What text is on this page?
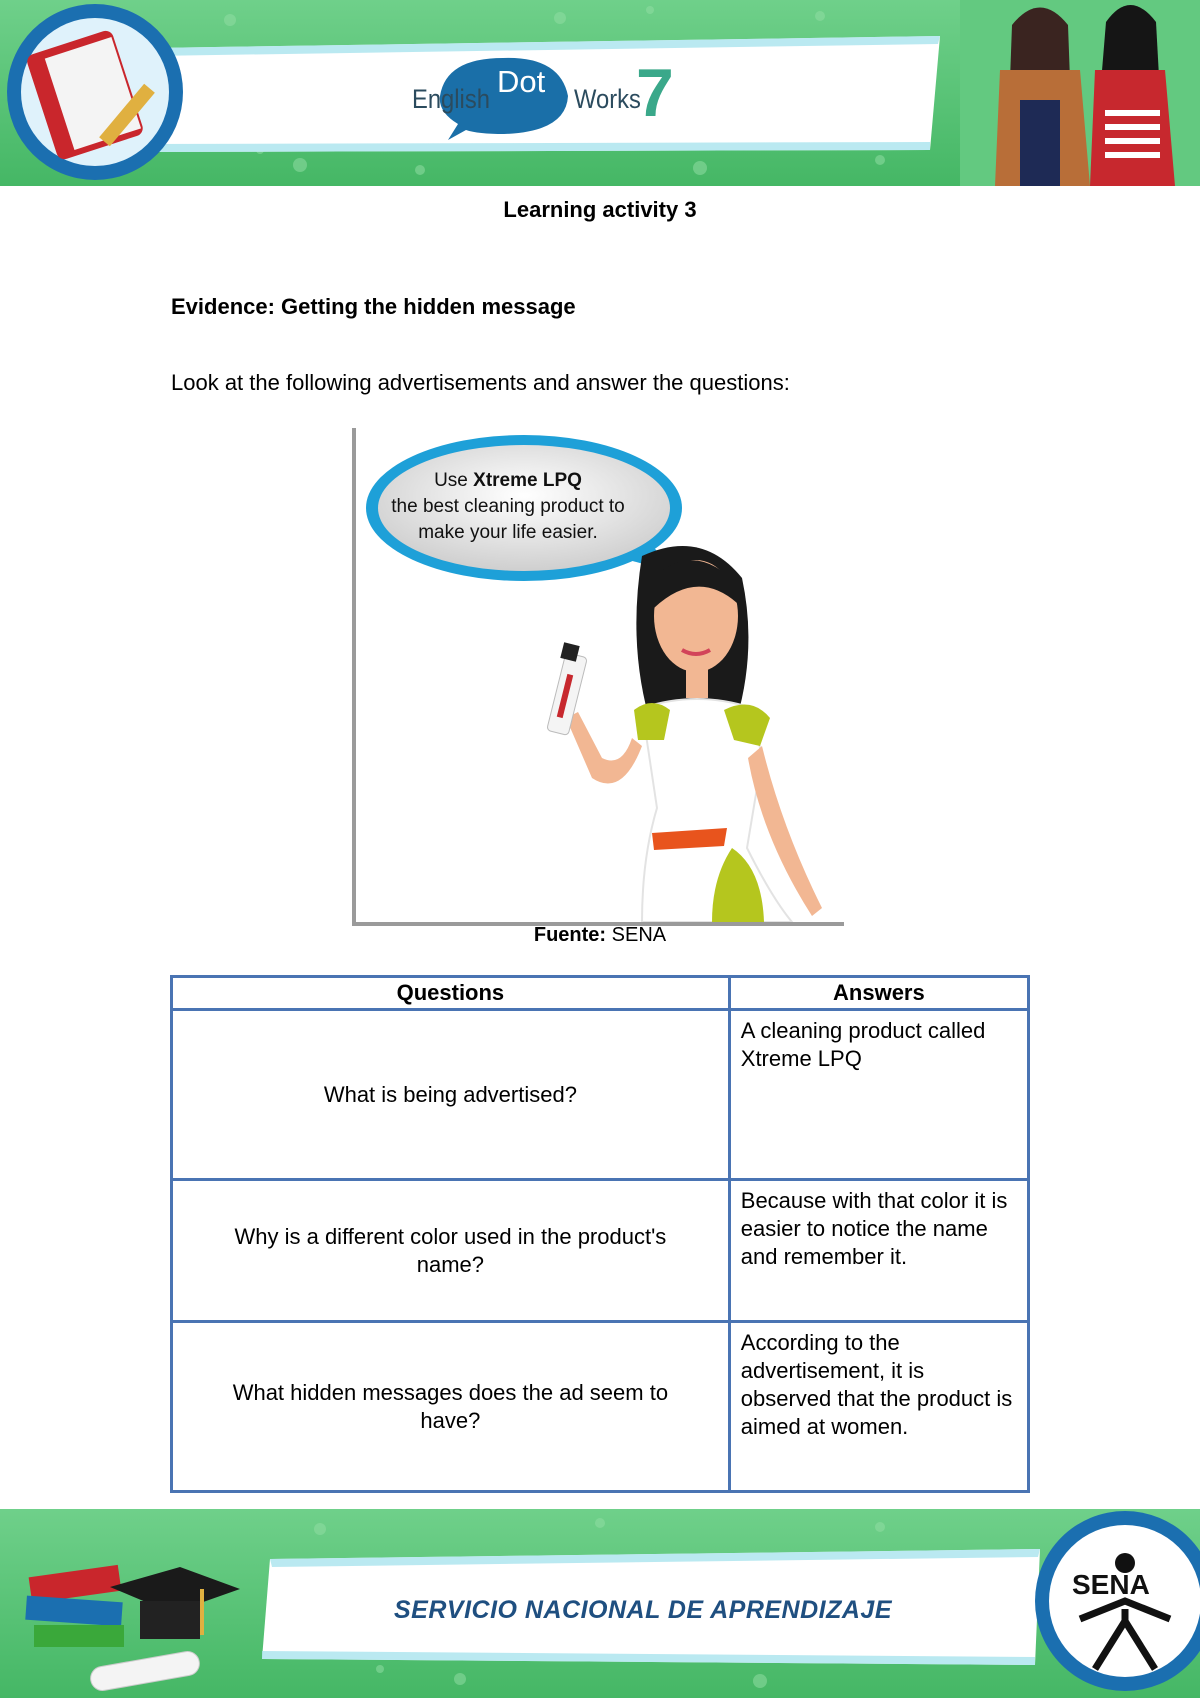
English Dot Works
7
Learning activity 3
Evidence: Getting the hidden message
Look at the following advertisements and answer the questions:
Use Xtreme LPQ
the best cleaning product to
make your life easier.
Fuente: SENA
Questions	Answers
What is being advertised?	A cleaning product called Xtreme LPQ
Why is a different color used in the product's name?	Because with that color it is easier to notice the name and remember it.
What hidden messages does the ad seem to have?	According to the advertisement, it is observed that the product is aimed at women.
SERVICIO NACIONAL DE APRENDIZAJE
SENA
